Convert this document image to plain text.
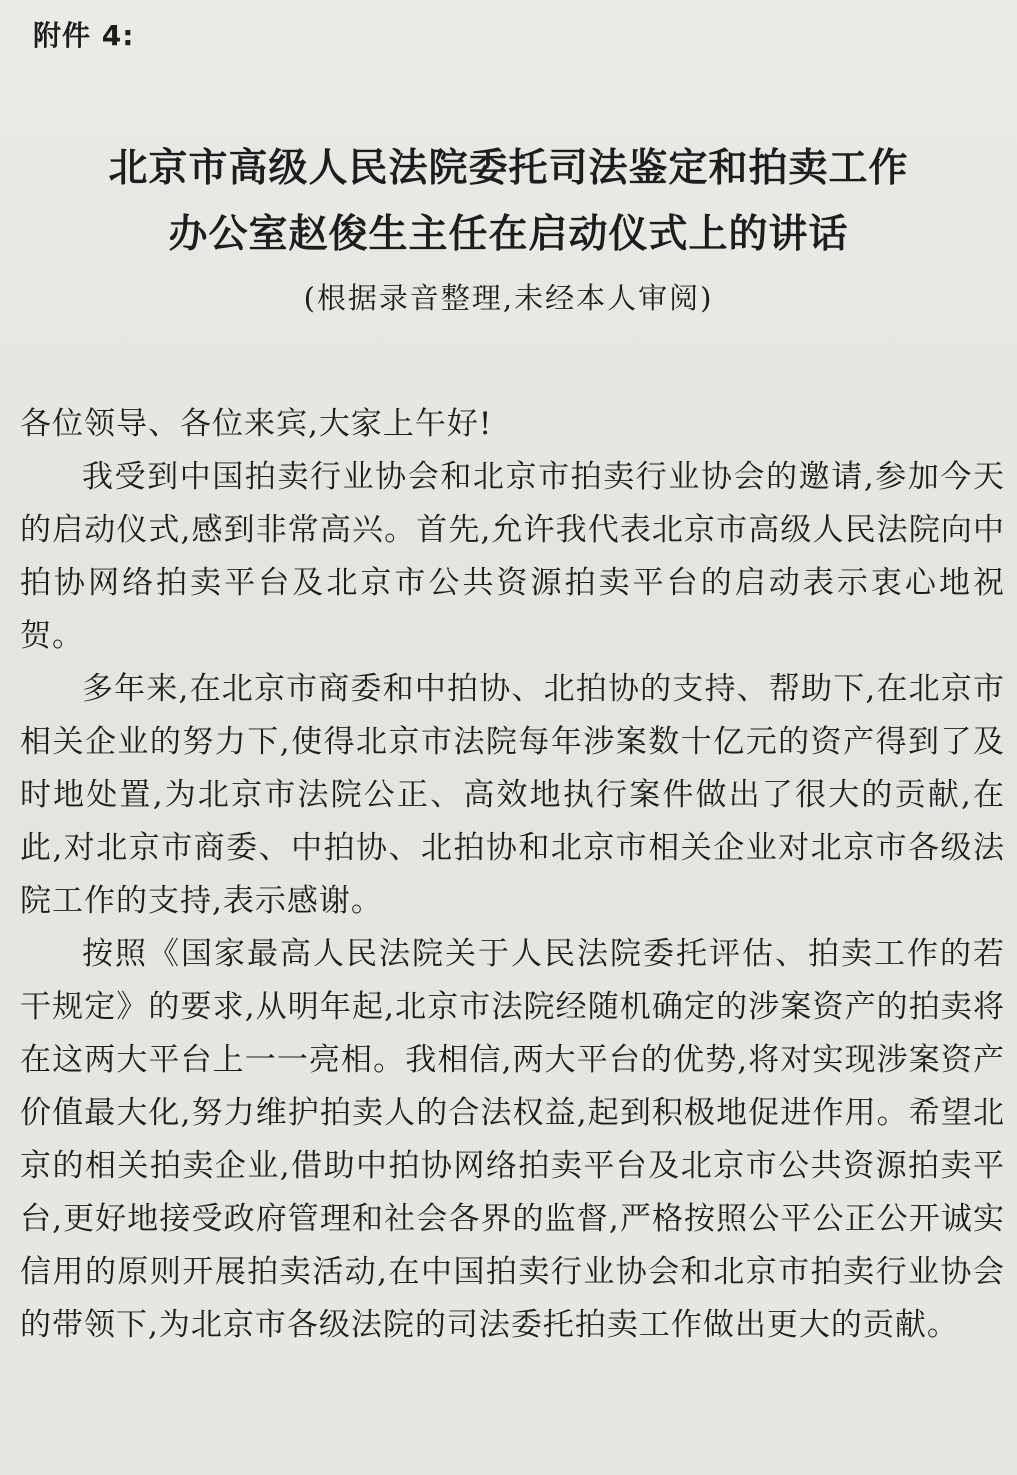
附件 4:
北京市高级人民法院委托司法鉴定和拍卖工作
办公室赵俊生主任在启动仪式上的讲话
(根据录音整理,未经本人审阅)

各位领导、各位来宾,大家上午好!

我受到中国拍卖行业协会和北京市拍卖行业协会的邀请,参加今天的启动仪式,感到非常高兴。首先,允许我代表北京市高级人民法院向中拍协网络拍卖平台及北京市公共资源拍卖平台的启动表示衷心地祝贺。

多年来,在北京市商委和中拍协、北拍协的支持、帮助下,在北京市相关企业的努力下,使得北京市法院每年涉案数十亿元的资产得到了及时地处置,为北京市法院公正、高效地执行案件做出了很大的贡献,在此,对北京市商委、中拍协、北拍协和北京市相关企业对北京市各级法院工作的支持,表示感谢。

按照《国家最高人民法院关于人民法院委托评估、拍卖工作的若干规定》的要求,从明年起,北京市法院经随机确定的涉案资产的拍卖将在这两大平台上一一亮相。我相信,两大平台的优势,将对实现涉案资产价值最大化,努力维护拍卖人的合法权益,起到积极地促进作用。希望北京的相关拍卖企业,借助中拍协网络拍卖平台及北京市公共资源拍卖平台,更好地接受政府管理和社会各界的监督,严格按照公平公正公开诚实信用的原则开展拍卖活动,在中国拍卖行业协会和北京市拍卖行业协会的带领下,为北京市各级法院的司法委托拍卖工作做出更大的贡献。
